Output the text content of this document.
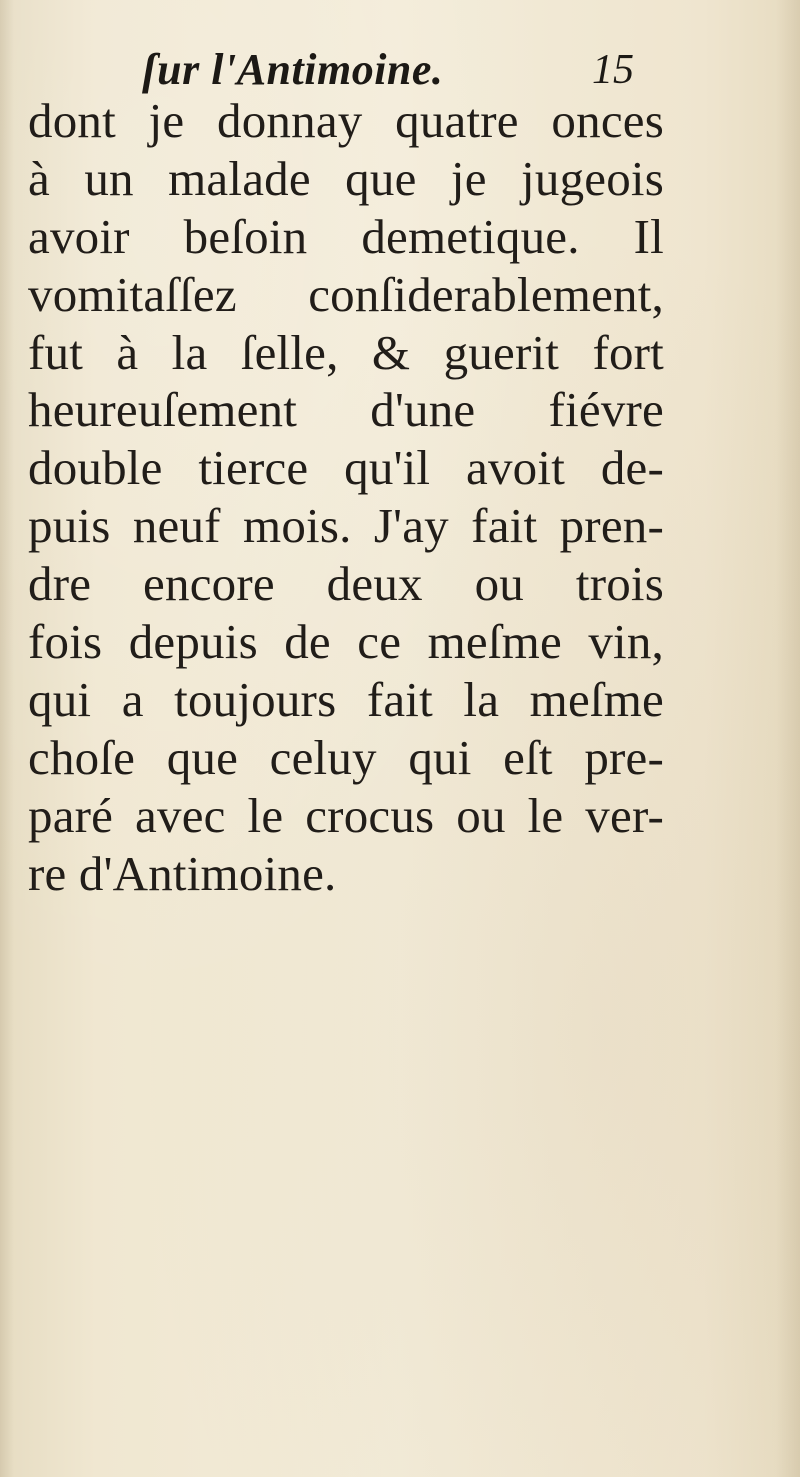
ſur l'Antimoine.	15
dont je donnay quatre onces
à un malade que je jugeois
avoir beſoin demetique. Il
vomitaſſez conſiderablement,
fut à la ſelle, & guerit fort
heureuſement d'une fiévre
double tierce qu'il avoit de-
puis neuf mois. J'ay fait pren-
dre encore deux ou trois
fois depuis de ce meſme vin,
qui a toujours fait la meſme
choſe que celuy qui eſt pre-
paré avec le crocus ou le ver-
re d'Antimoine.
